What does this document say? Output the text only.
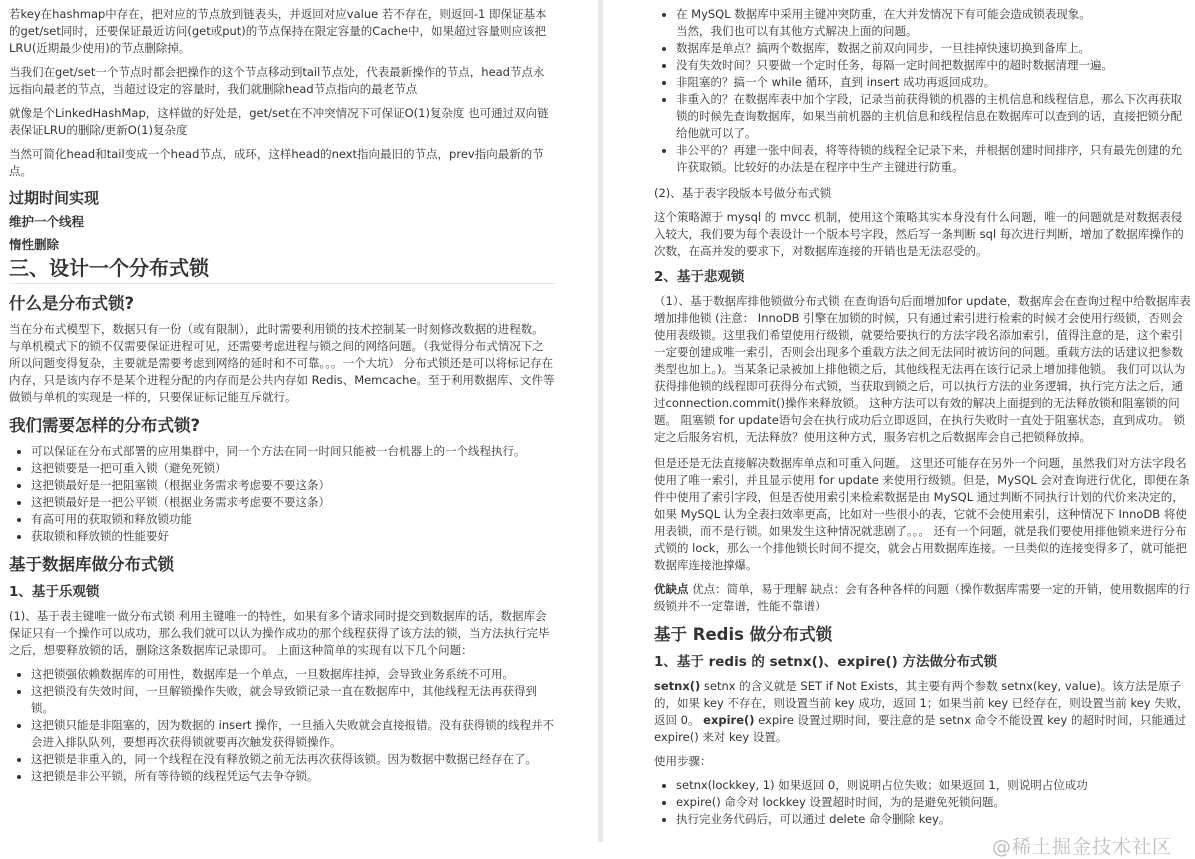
若key在hashmap中存在，把对应的节点放到链表头，并返回对应value 若不存在，则返回-1 即保证基本的get/set同时，还要保证最近访问(get或put)的节点保持在限定容量的Cache中，如果超过容量则应该把LRU(近期最少使用)的节点删除掉。

当我们在get/set一个节点时都会把操作的这个节点移动到tail节点处，代表最新操作的节点，head节点永远指向最老的节点，当超过设定的容量时，我们就删除head节点指向的最老节点

就像是个LinkedHashMap，这样做的好处是，get/set在不冲突情况下可保证O(1)复杂度 也可通过双向链表保证LRU的删除/更新O(1)复杂度

当然可简化head和tail变成一个head节点，成环，这样head的next指向最旧的节点，prev指向最新的节点。

过期时间实现
维护一个线程
惰性删除
三、设计一个分布式锁
什么是分布式锁?

当在分布式模型下，数据只有一份（或有限制），此时需要利用锁的技术控制某一时刻修改数据的进程数。 与单机模式下的锁不仅需要保证进程可见，还需要考虑进程与锁之间的网络问题。（我觉得分布式情况下之所以问题变得复杂，主要就是需要考虑到网络的延时和不可靠。。。一个大坑） 分布式锁还是可以将标记存在内存，只是该内存不是某个进程分配的内存而是公共内存如 Redis、Memcache。至于利用数据库、文件等做锁与单机的实现是一样的，只要保证标记能互斥就行。

我们需要怎样的分布式锁?
• 可以保证在分布式部署的应用集群中，同一个方法在同一时间只能被一台机器上的一个线程执行。
• 这把锁要是一把可重入锁（避免死锁）
• 这把锁最好是一把阻塞锁（根据业务需求考虑要不要这条）
• 这把锁最好是一把公平锁（根据业务需求考虑要不要这条）
• 有高可用的获取锁和释放锁功能
• 获取锁和释放锁的性能要好
基于数据库做分布式锁
1、基于乐观锁

(1)、基于表主键唯一做分布式锁 利用主键唯一的特性，如果有多个请求同时提交到数据库的话，数据库会保证只有一个操作可以成功，那么我们就可以认为操作成功的那个线程获得了该方法的锁，当方法执行完毕之后，想要释放锁的话，删除这条数据库记录即可。 上面这种简单的实现有以下几个问题：

• 这把锁强依赖数据库的可用性，数据库是一个单点，一旦数据库挂掉，会导致业务系统不可用。
• 这把锁没有失效时间，一旦解锁操作失败，就会导致锁记录一直在数据库中，其他线程无法再获得到锁。
• 这把锁只能是非阻塞的，因为数据的 insert 操作，一旦插入失败就会直接报错。没有获得锁的线程并不会进入排队队列，要想再次获得锁就要再次触发获得锁操作。
• 这把锁是非重入的，同一个线程在没有释放锁之前无法再次获得该锁。因为数据中数据已经存在了。
• 这把锁是非公平锁，所有等待锁的线程凭运气去争夺锁。
• 在 MySQL 数据库中采用主键冲突防重，在大并发情况下有可能会造成锁表现象。
当然，我们也可以有其他方式解决上面的问题。
• 数据库是单点？搞两个数据库，数据之前双向同步，一旦挂掉快速切换到备库上。
• 没有失效时间？只要做一个定时任务，每隔一定时间把数据库中的超时数据清理一遍。
• 非阻塞的？搞一个 while 循环，直到 insert 成功再返回成功。
• 非重入的？在数据库表中加个字段，记录当前获得锁的机器的主机信息和线程信息，那么下次再获取锁的时候先查询数据库，如果当前机器的主机信息和线程信息在数据库可以查到的话，直接把锁分配给他就可以了。
• 非公平的？再建一张中间表，将等待锁的线程全记录下来，并根据创建时间排序，只有最先创建的允许获取锁。比较好的办法是在程序中生产主键进行防重。

(2)、基于表字段版本号做分布式锁

这个策略源于 mysql 的 mvcc 机制，使用这个策略其实本身没有什么问题，唯一的问题就是对数据表侵入较大，我们要为每个表设计一个版本号字段，然后写一条判断 sql 每次进行判断，增加了数据库操作的次数，在高并发的要求下，对数据库连接的开销也是无法忍受的。

2、基于悲观锁

（1）、基于数据库排他锁做分布式锁 在查询语句后面增加for update，数据库会在查询过程中给数据库表增加排他锁 (注意： InnoDB 引擎在加锁的时候，只有通过索引进行检索的时候才会使用行级锁，否则会使用表级锁。这里我们希望使用行级锁，就要给要执行的方法字段名添加索引，值得注意的是，这个索引一定要创建成唯一索引，否则会出现多个重载方法之间无法同时被访问的问题。重载方法的话建议把参数类型也加上。)。当某条记录被加上排他锁之后，其他线程无法再在该行记录上增加排他锁。 我们可以认为获得排他锁的线程即可获得分布式锁，当获取到锁之后，可以执行方法的业务逻辑，执行完方法之后，通过connection.commit()操作来释放锁。 这种方法可以有效的解决上面提到的无法释放锁和阻塞锁的问题。 阻塞锁 for update语句会在执行成功后立即返回，在执行失败时一直处于阻塞状态，直到成功。 锁定之后服务宕机，无法释放？使用这种方式，服务宕机之后数据库会自己把锁释放掉。

但是还是无法直接解决数据库单点和可重入问题。 这里还可能存在另外一个问题，虽然我们对方法字段名使用了唯一索引，并且显示使用 for update 来使用行级锁。但是，MySQL 会对查询进行优化，即便在条件中使用了索引字段，但是否使用索引来检索数据是由 MySQL 通过判断不同执行计划的代价来决定的，如果 MySQL 认为全表扫效率更高，比如对一些很小的表，它就不会使用索引，这种情况下 InnoDB 将使用表锁，而不是行锁。如果发生这种情况就悲剧了。。。 还有一个问题，就是我们要使用排他锁来进行分布式锁的 lock，那么一个排他锁长时间不提交，就会占用数据库连接。一旦类似的连接变得多了，就可能把数据库连接池撑爆。

优缺点 优点：简单，易于理解 缺点：会有各种各样的问题（操作数据库需要一定的开销，使用数据库的行级锁并不一定靠谱，性能不靠谱）

基于 Redis 做分布式锁
1、基于 redis 的 setnx()、expire() 方法做分布式锁

setnx() setnx 的含义就是 SET if Not Exists，其主要有两个参数 setnx(key, value)。该方法是原子的，如果 key 不存在，则设置当前 key 成功，返回 1；如果当前 key 已经存在，则设置当前 key 失败，返回 0。 expire() expire 设置过期时间，要注意的是 setnx 命令不能设置 key 的超时时间，只能通过 expire() 来对 key 设置。

使用步骤：

• setnx(lockkey, 1) 如果返回 0，则说明占位失败；如果返回 1，则说明占位成功
• expire() 命令对 lockkey 设置超时时间，为的是避免死锁问题。
• 执行完业务代码后，可以通过 delete 命令删除 key。
@稀土掘金技术社区
